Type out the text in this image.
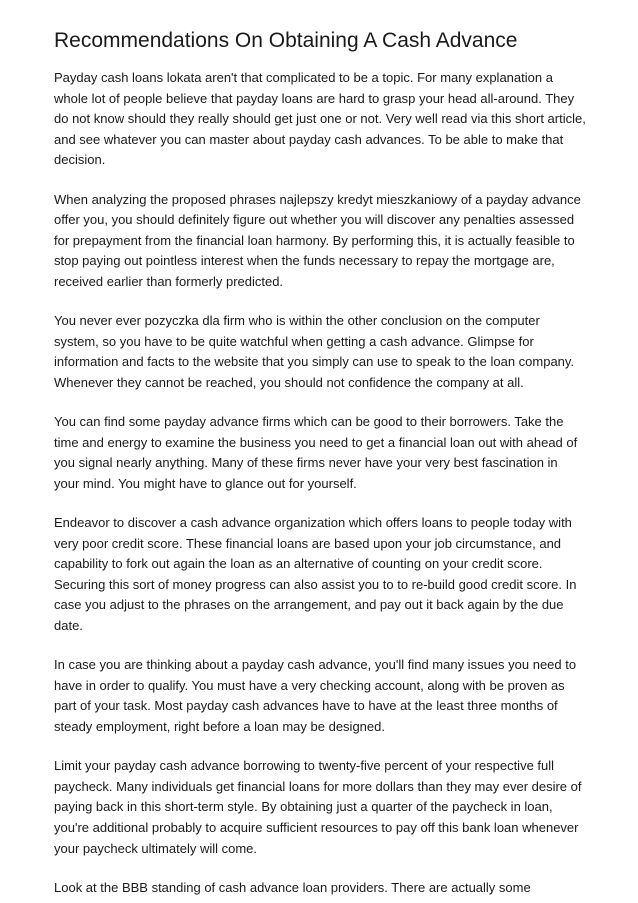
Recommendations On Obtaining A Cash Advance

Payday cash loans lokata aren't that complicated to be a topic. For many explanation a whole lot of people believe that payday loans are hard to grasp your head all-around. They do not know should they really should get just one or not. Very well read via this short article, and see whatever you can master about payday cash advances. To be able to make that decision.

When analyzing the proposed phrases najlepszy kredyt mieszkaniowy of a payday advance offer you, you should definitely figure out whether you will discover any penalties assessed for prepayment from the financial loan harmony. By performing this, it is actually feasible to stop paying out pointless interest when the funds necessary to repay the mortgage are, received earlier than formerly predicted.

You never ever pozyczka dla firm who is within the other conclusion on the computer system, so you have to be quite watchful when getting a cash advance. Glimpse for information and facts to the website that you simply can use to speak to the loan company. Whenever they cannot be reached, you should not confidence the company at all.

You can find some payday advance firms which can be good to their borrowers. Take the time and energy to examine the business you need to get a financial loan out with ahead of you signal nearly anything. Many of these firms never have your very best fascination in your mind. You might have to glance out for yourself.

Endeavor to discover a cash advance organization which offers loans to people today with very poor credit score. These financial loans are based upon your job circumstance, and capability to fork out again the loan as an alternative of counting on your credit score. Securing this sort of money progress can also assist you to to re-build good credit score. In case you adjust to the phrases on the arrangement, and pay out it back again by the due date.

In case you are thinking about a payday cash advance, you'll find many issues you need to have in order to qualify. You must have a very checking account, along with be proven as part of your task. Most payday cash advances have to have at the least three months of steady employment, right before a loan may be designed.

Limit your payday cash advance borrowing to twenty-five percent of your respective full paycheck. Many individuals get financial loans for more dollars than they may ever desire of paying back in this short-term style. By obtaining just a quarter of the paycheck in loan, you're additional probably to acquire sufficient resources to pay off this bank loan whenever your paycheck ultimately will come.

Look at the BBB standing of cash advance loan providers. There are actually some
